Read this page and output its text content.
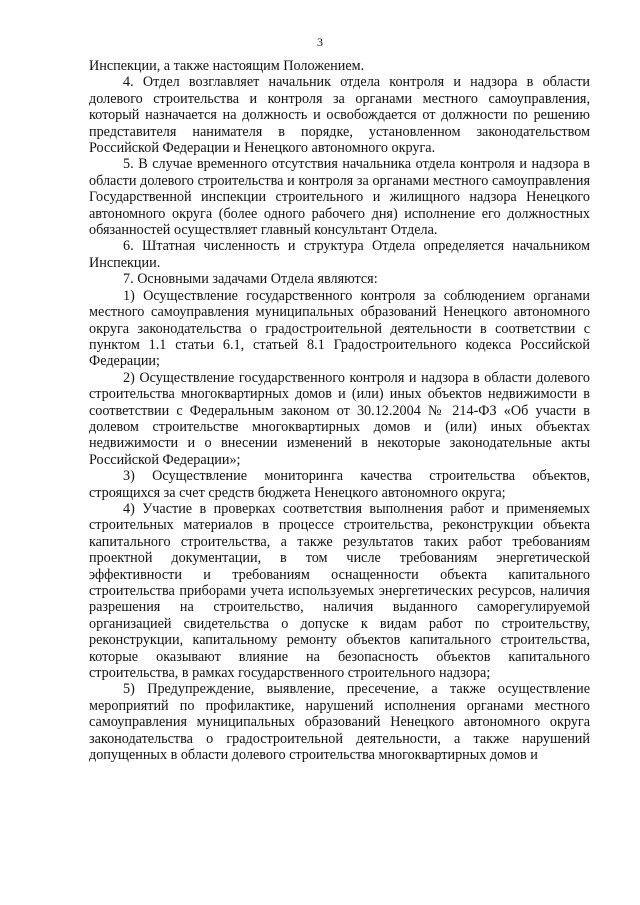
3

Инспекции, а также настоящим Положением.

4. Отдел возглавляет начальник отдела контроля и надзора в области долевого строительства и контроля за органами местного самоуправления, который назначается на должность и освобождается от должности по решению представителя нанимателя в порядке, установленном законодательством Российской Федерации и Ненецкого автономного округа.

5. В случае временного отсутствия начальника отдела контроля и надзора в области долевого строительства и контроля за органами местного самоуправления Государственной инспекции строительного и жилищного надзора Ненецкого автономного округа (более одного рабочего дня) исполнение его должностных обязанностей осуществляет главный консультант Отдела.

6. Штатная численность и структура Отдела определяется начальником Инспекции.

7. Основными задачами Отдела являются:

1) Осуществление государственного контроля за соблюдением органами местного самоуправления муниципальных образований Ненецкого автономного округа законодательства о градостроительной деятельности в соответствии с пунктом 1.1 статьи 6.1, статьей 8.1 Градостроительного кодекса Российской Федерации;

2) Осуществление государственного контроля и надзора в области долевого строительства многоквартирных домов и (или) иных объектов недвижимости в соответствии с Федеральным законом от 30.12.2004 № 214-ФЗ «Об участи в долевом строительстве многоквартирных домов и (или) иных объектах недвижимости и о внесении изменений в некоторые законодательные акты Российской Федерации»;

3) Осуществление мониторинга качества строительства объектов, строящихся за счет средств бюджета Ненецкого автономного округа;

4) Участие в проверках соответствия выполнения работ и применяемых строительных материалов в процессе строительства, реконструкции объекта капитального строительства, а также результатов таких работ требованиям проектной документации, в том числе требованиям энергетической эффективности и требованиям оснащенности объекта капитального строительства приборами учета используемых энергетических ресурсов, наличия разрешения на строительство, наличия выданного саморегулируемой организацией свидетельства о допуске к видам работ по строительству, реконструкции, капитальному ремонту объектов капитального строительства, которые оказывают влияние на безопасность объектов капитального строительства, в рамках государственного строительного надзора;

5) Предупреждение, выявление, пресечение, а также осуществление мероприятий по профилактике, нарушений исполнения органами местного самоуправления муниципальных образований Ненецкого автономного округа законодательства о градостроительной деятельности, а также нарушений допущенных в области долевого строительства многоквартирных домов и
